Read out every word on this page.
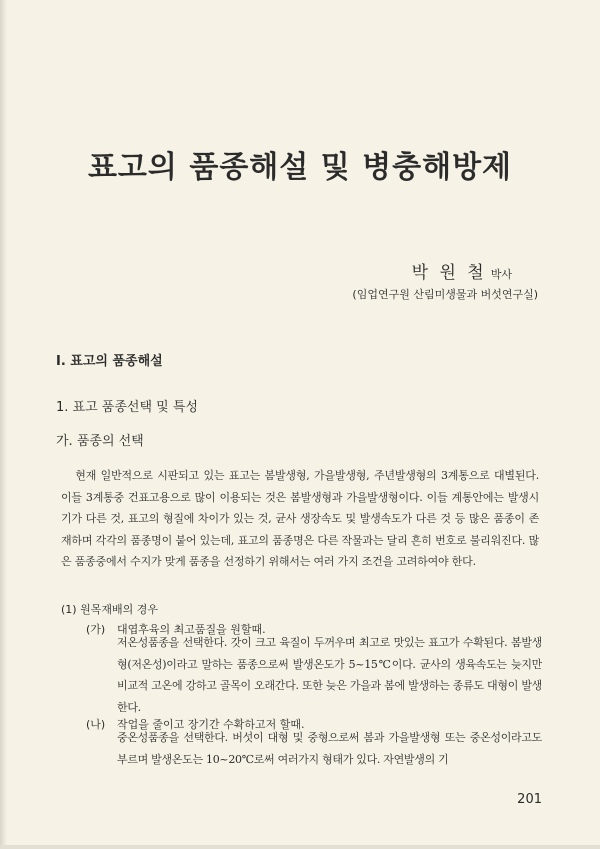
표고의 품종해설 및 병충해방제
박 원 철 박사
(임업연구원 산림미생물과 버섯연구실)
Ⅰ. 표고의 품종해설
1. 표고 품종선택 및 특성
가. 품종의 선택

현재 일반적으로 시판되고 있는 표고는 봄발생형, 가을발생형, 주년발생형의 3계통으로 대별된다. 이들 3계통중 건표고용으로 많이 이용되는 것은 봄발생형과 가을발생형이다. 이들 계통안에는 발생시기가 다른 것, 표고의 형질에 차이가 있는 것, 균사 생장속도 및 발생속도가 다른 것 등 많은 품종이 존재하며 각각의 품종명이 붙어 있는데, 표고의 품종명은 다른 작물과는 달리 흔히 번호로 불리워진다. 많은 품종중에서 수지가 맞게 품종을 선정하기 위해서는 여러 가지 조건을 고려하여야 한다.

(1) 원목재배의 경우
(가) 대엽후육의 최고품질을 원할때.

저온성품종을 선택한다. 갓이 크고 육질이 두꺼우며 최고로 맛있는 표고가 수확된다. 봄발생형(저온성)이라고 말하는 품종으로써 발생온도가 5~15℃이다. 균사의 생육속도는 늦지만 비교적 고온에 강하고 골목이 오래간다. 또한 늦은 가을과 봄에 발생하는 종류도 대형이 발생한다.

(나) 작업을 줄이고 장기간 수확하고저 할때.

중온성품종을 선택한다. 버섯이 대형 및 중형으로써 봄과 가을발생형 또는 중온성이라고도 부르며 발생온도는 10~20℃로써 여러가지 형태가 있다. 자연발생의 기

201
